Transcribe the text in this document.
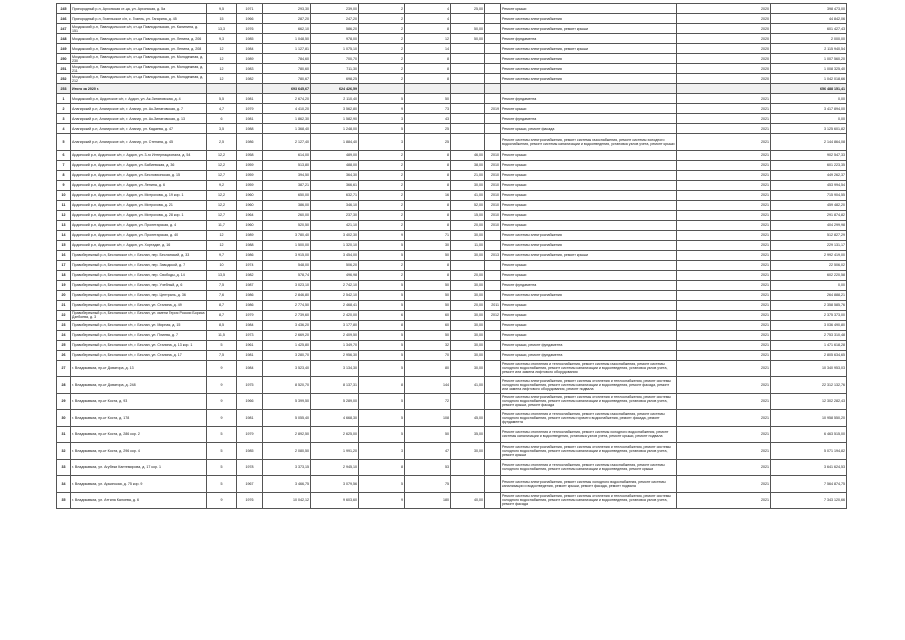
245	Пригородный р-н, Архонская ст-ца, ул. Архонская, д. 5а	9,5	1971	293,30	239,00	2	4	25,00		Ремонт крыши	2020	398 473,00
246	Пригородный р-н, Гизельское с/п, с. Гизель, ул. Гагарина, д. 45	15	1966	287,20	247,20	2	4			Ремонт системы электроснабжения	2020	44 842,06
247	Моздокский р-н, Павлодольское с/п, ст-ца Павлодольская, ул. Калинина, д. 151	13,3	1976	662,10	586,20	2	8	50,00		Ремонт системы электроснабжения, ремонт крыши	2020	601 427,43
248	Моздокский р-н, Павлодольское с/п, ст-ца Павлодольская, ул. Ленина, д. 206	9,3	1985	1 048,50	978,00	2	12	50,00		Ремонт фундамента	2020	2 000,00
249	Моздокский р-н, Павлодольское с/п, ст-ца Павлодольская, ул. Ленина, д. 208	12	1984	1 127,81	1 075,10	2	14			Ремонт системы электроснабжения, ремонт крыши	2020	2 115 940,54
250	Моздокский р-н, Павлодольское с/п, ст-ца Павлодольская, ул. Молодежная, д. 230	12	1989	784,60	700,70	2	8			Ремонт системы электроснабжения	2020	1 007 560,20
251	Моздокский р-н, Павлодольское с/п, ст-ца Павлодольская, ул. Молодежная, д. 211	12	1983	780,60	711,30	2	8			Ремонт системы электроснабжения	2020	1 008 325,40
252	Моздокский р-н, Павлодольское с/п, ст-ца Павлодольская, ул. Молодежная, д. 212	12	1982	780,67	698,25	2	8			Ремонт системы электроснабжения	2020	1 042 018,66
253	Итого за 2020 г.			693 645,67	624 426,59							656 488 151,41
1	Моздокский р-н, Ардонское с/п, г. Ардон, ул. Ак-Зинатовская, д. 4	5,5	1981	2 674,20	2 110,40	5	50			Ремонт фундамента	2021	0,00
2	Алагирский р-н, Алагирское с/п, г. Алагир, ул. Ак-Зинатовская, д. 7	4,7	1979	4 410,20	3 562,80	9	73		2019	Ремонт крыши	2021	3 417 894,00
3	Алагирский р-н, Алагирское с/п, г. Алагир, ул. Ак-Зинатовская, д. 13	6	1981	1 862,30	1 582,90	3	43			Ремонт фундамента	2021	0,00
4	Алагирский р-н, Алагирское с/п, г. Алагир, ул. Кадаева, д. 47	3,5	1988	1 368,40	1 248,00	5	25			Ремонт крыши, ремонт фасада	2021	3 125 601,82
5	Алагирский р-н, Алагирское с/п, г. Алагир, ул. Степана, д. 45	2,5	1986	2 127,40	1 884,40	3	25			Ремонт системы электроснабжения, ремонт системы газоснабжения, ремонт системы холодного водоснабжения, ремонт системы канализации и водоотведения, установка узлов учета, ремонт крыши	2021	2 144 864,08
6	Ардонский р-н, Ардонское с/п, г. Ардон, ул. 3-го Интернационала, д. 54	12,2	1958	614,00	489,00	2	8	46,00	2010	Ремонт крыши	2021	902 547,33
7	Ардонский р-н, Ардонское с/п, г. Ардон, ул. Бабиевская, д. 36	12,2	1959	513,80	488,00	2	8	38,00	2010	Ремонт крыши	2021	601 223,35
8	Ардонский р-н, Ардонское с/п, г. Ардон, ул. Бесловхонская, д. 15	12,7	1959	394,50	364,30	2	8	21,00	2010	Ремонт крыши	2021	449 262,37
9	Ардонский р-н, Ардонское с/п, г. Ардон, ул. Ленина, д. 6	9,2	1959	387,21	366,61	2	8	30,00	2010	Ремонт крыши	2021	453 994,54
10	Ардонский р-н, Ардонское с/п, г. Ардон, ул. Митрохова, д. 19 кор. 1	12,2	1960	650,00	632,71	2	16	41,00	2010	Ремонт крыши	2021	715 904,55
11	Ардонский р-н, Ардонское с/п, г. Ардон, ул. Митрохова, д. 21	12,2	1960	386,00	346,10	2	8	52,00	2010	Ремонт крыши	2021	459 482,20
12	Ардонский р-н, Ардонское с/п, г. Ардон, ул. Митрохова, д. 28 кор. 1	12,7	1964	260,00	237,30	2	8	15,00	2010	Ремонт крыши	2021	291 874,82
13	Ардонский р-н, Ардонское с/п, г. Ардон, ул. Пролетарская, д. 4	11,7	1960	520,50	421,10	2	8	20,00	2010	Ремонт крыши	2021	404 299,98
14	Ардонский р-н, Ардонское с/п, г. Ардон, ул. Пролетарская, д. 40	12	1989	3 780,40	3 402,30	9	71	30,00		Ремонт системы электроснабжения	2021	512 827,29
15	Ардонский р-н, Ардонское с/п, г. Ардон, ул. Хортадзе, д. 16	12	1988	1 500,00	1 320,10	5	30	11,00		Ремонт системы электроснабжения	2021	229 131,17
16	Правобережный р-н, Бесланское г/п, г. Беслан, пер. Бесланский, д. 33	9,7	1986	3 915,00	3 454,00	5	50	30,00	2013	Ремонт системы электроснабжения, ремонт крыши	2021	2 992 419,00
17	Правобережный р-н, Бесланское г/п, г. Беслан, пер. Заводской, д. 7	10	1974	548,00	506,20	2	8			Ремонт крыши	2021	22 506,02
18	Правобережный р-н, Бесланское г/п, г. Беслан, пер. Свободы, д. 14	13,5	1982	578,74	496,98	2	8	20,00		Ремонт крыши	2021	602 220,58
19	Правобережный р-н, Бесланское г/п, г. Беслан, пер. Учебный, д. 6	7,5	1987	3 023,10	2 742,10	5	50	30,00		Ремонт фундамента	2021	0,00
20	Правобережный р-н, Бесланское г/п, г. Беслан, пер. Централь, д. 36	7,6	1986	2 846,80	2 542,10	5	50	30,00		Ремонт системы электроснабжения	2021	264 888,21
21	Правобережный р-н, Бесланское г/п, г. Беслан, ул. Сталина, д. 49	8,7	1986	2 774,50	2 468,41	5	50	20,00	2011	Ремонт крыши	2021	2 358 585,76
22	Правобережный р-н, Бесланское г/п, г. Беслан, ул. имени Героя России Бориса Дзебоева, д. 3	8,7	1979	2 739,60	2 420,00	6	60	30,00	2012	Ремонт крыши	2021	2 375 373,00
23	Правобережный р-н, Бесланское г/п, г. Беслан, ул. Мирная, д. 15	8,5	1984	3 436,20	3 177,80	8	60	30,00		Ремонт крыши	2021	3 036 490,80
24	Правобережный р-н, Бесланское г/п, г. Беслан, ул. Плиева, д. 7	11,5	1973	2 669,20	2 409,50	5	50	30,00		Ремонт крыши	2021	2 753 310,48
25	Правобережный р-н, Бесланское г/п, г. Беслан, ул. Сталина, д. 13 кор. 1	5	1961	1 425,80	1 349,70	5	32	30,00		Ремонт крыши, ремонт фундамента	2021	1 471 618,28
26	Правобережный р-н, Бесланское г/п, г. Беслан, ул. Сталина, д. 17	7,5	1981	3 280,70	2 956,30	5	70	30,00		Ремонт крыши, ремонт фундамента	2021	2 805 634,65
27	г. Владикавказ, пр-кт Доватора, д. 13	9	1984	3 523,40	3 134,30	5	80	30,00		Ремонт системы отопления и теплоснабжения, ремонт системы газоснабжения, ремонт системы холодного водоснабжения, ремонт системы канализации и водоотведения, установка узлов учета, ремонт или замена лифтового оборудования	2021	10 340 953,03
28	г. Владикавказ, пр-кт Доватора, д. 248	9	1975	8 520,70	8 137,31	8	144	41,00		Ремонт системы электроснабжения, ремонт системы отопления и теплоснабжения, ремонт системы холодного водоснабжения, ремонт системы канализации и водоотведения, ремонт фасада, ремонт или замена лифтового оборудования, ремонт подвала	2021	22 312 132,76
29	г. Владикавказ, пр-кт Коста, д. 93	9	1966	5 399,50	5 289,00	5	72			Ремонт системы электроснабжения, ремонт системы отопления и теплоснабжения, ремонт системы холодного водоснабжения, ремонт системы канализации и водоотведения, установка узлов учета, ремонт крыши, ремонт фасада	2021	12 302 282,43
30	г. Владикавказ, пр-кт Коста, д. 178	9	1981	5 055,40	4 668,30	5	108	45,00		Ремонт системы отопления и теплоснабжения, ремонт системы газоснабжения, ремонт системы холодного водоснабжения, ремонт системы горячего водоснабжения, ремонт фасада, ремонт фундамента	2021	10 958 550,20
31	г. Владикавказ, пр-кт Коста, д. 286 кор. 2	5	1979	2 892,50	2 625,00	5	50	35,00		Ремонт системы отопления и теплоснабжения, ремонт системы холодного водоснабжения, ремонт системы канализации и водоотведения, установка узлов учета, ремонт крыши, ремонт подвала	2021	6 463 515,00
32	г. Владикавказ, пр-кт Коста, д. 296 кор. 4	5	1985	2 080,50	1 991,20	3	47	30,00		Ремонт системы электроснабжения, ремонт системы отопления и теплоснабжения, ремонт системы холодного водоснабжения, ремонт системы канализации и водоотведения, установка узлов учета, ремонт крыши	2021	5 071 194,82
33	г. Владикавказ, ул. Агубеки Кантемирова, д. 17 кор. 1	5	1978	3 373,15	2 945,10	8	53			Ремонт системы отопления и теплоснабжения, ремонт системы газоснабжения, ремонт системы холодного водоснабжения, ремонт системы канализации и водоотведения, ремонт крыши	2021	3 641 624,53
34	г. Владикавказ, ул. Арьинская, д. 75 кор. 9	5	1967	3 466,75	3 079,56	5	75			Ремонт системы электроснабжения, ремонт системы холодного водоснабжения, ремонт системы канализации и водоотведения, ремонт крыши, ремонт фасада, ремонт подвала	2021	7 564 874,75
35	г. Владикавказ, ул. Аттила Калоева, д. 6	9	1976	10 042,12	9 603,60	9	180	40,00		Ремонт системы электроснабжения, ремонт системы отопления и теплоснабжения, ремонт системы холодного водоснабжения, ремонт системы канализации и водоотведения, установка узлов учета, ремонт фасада	2021	7 343 120,66
